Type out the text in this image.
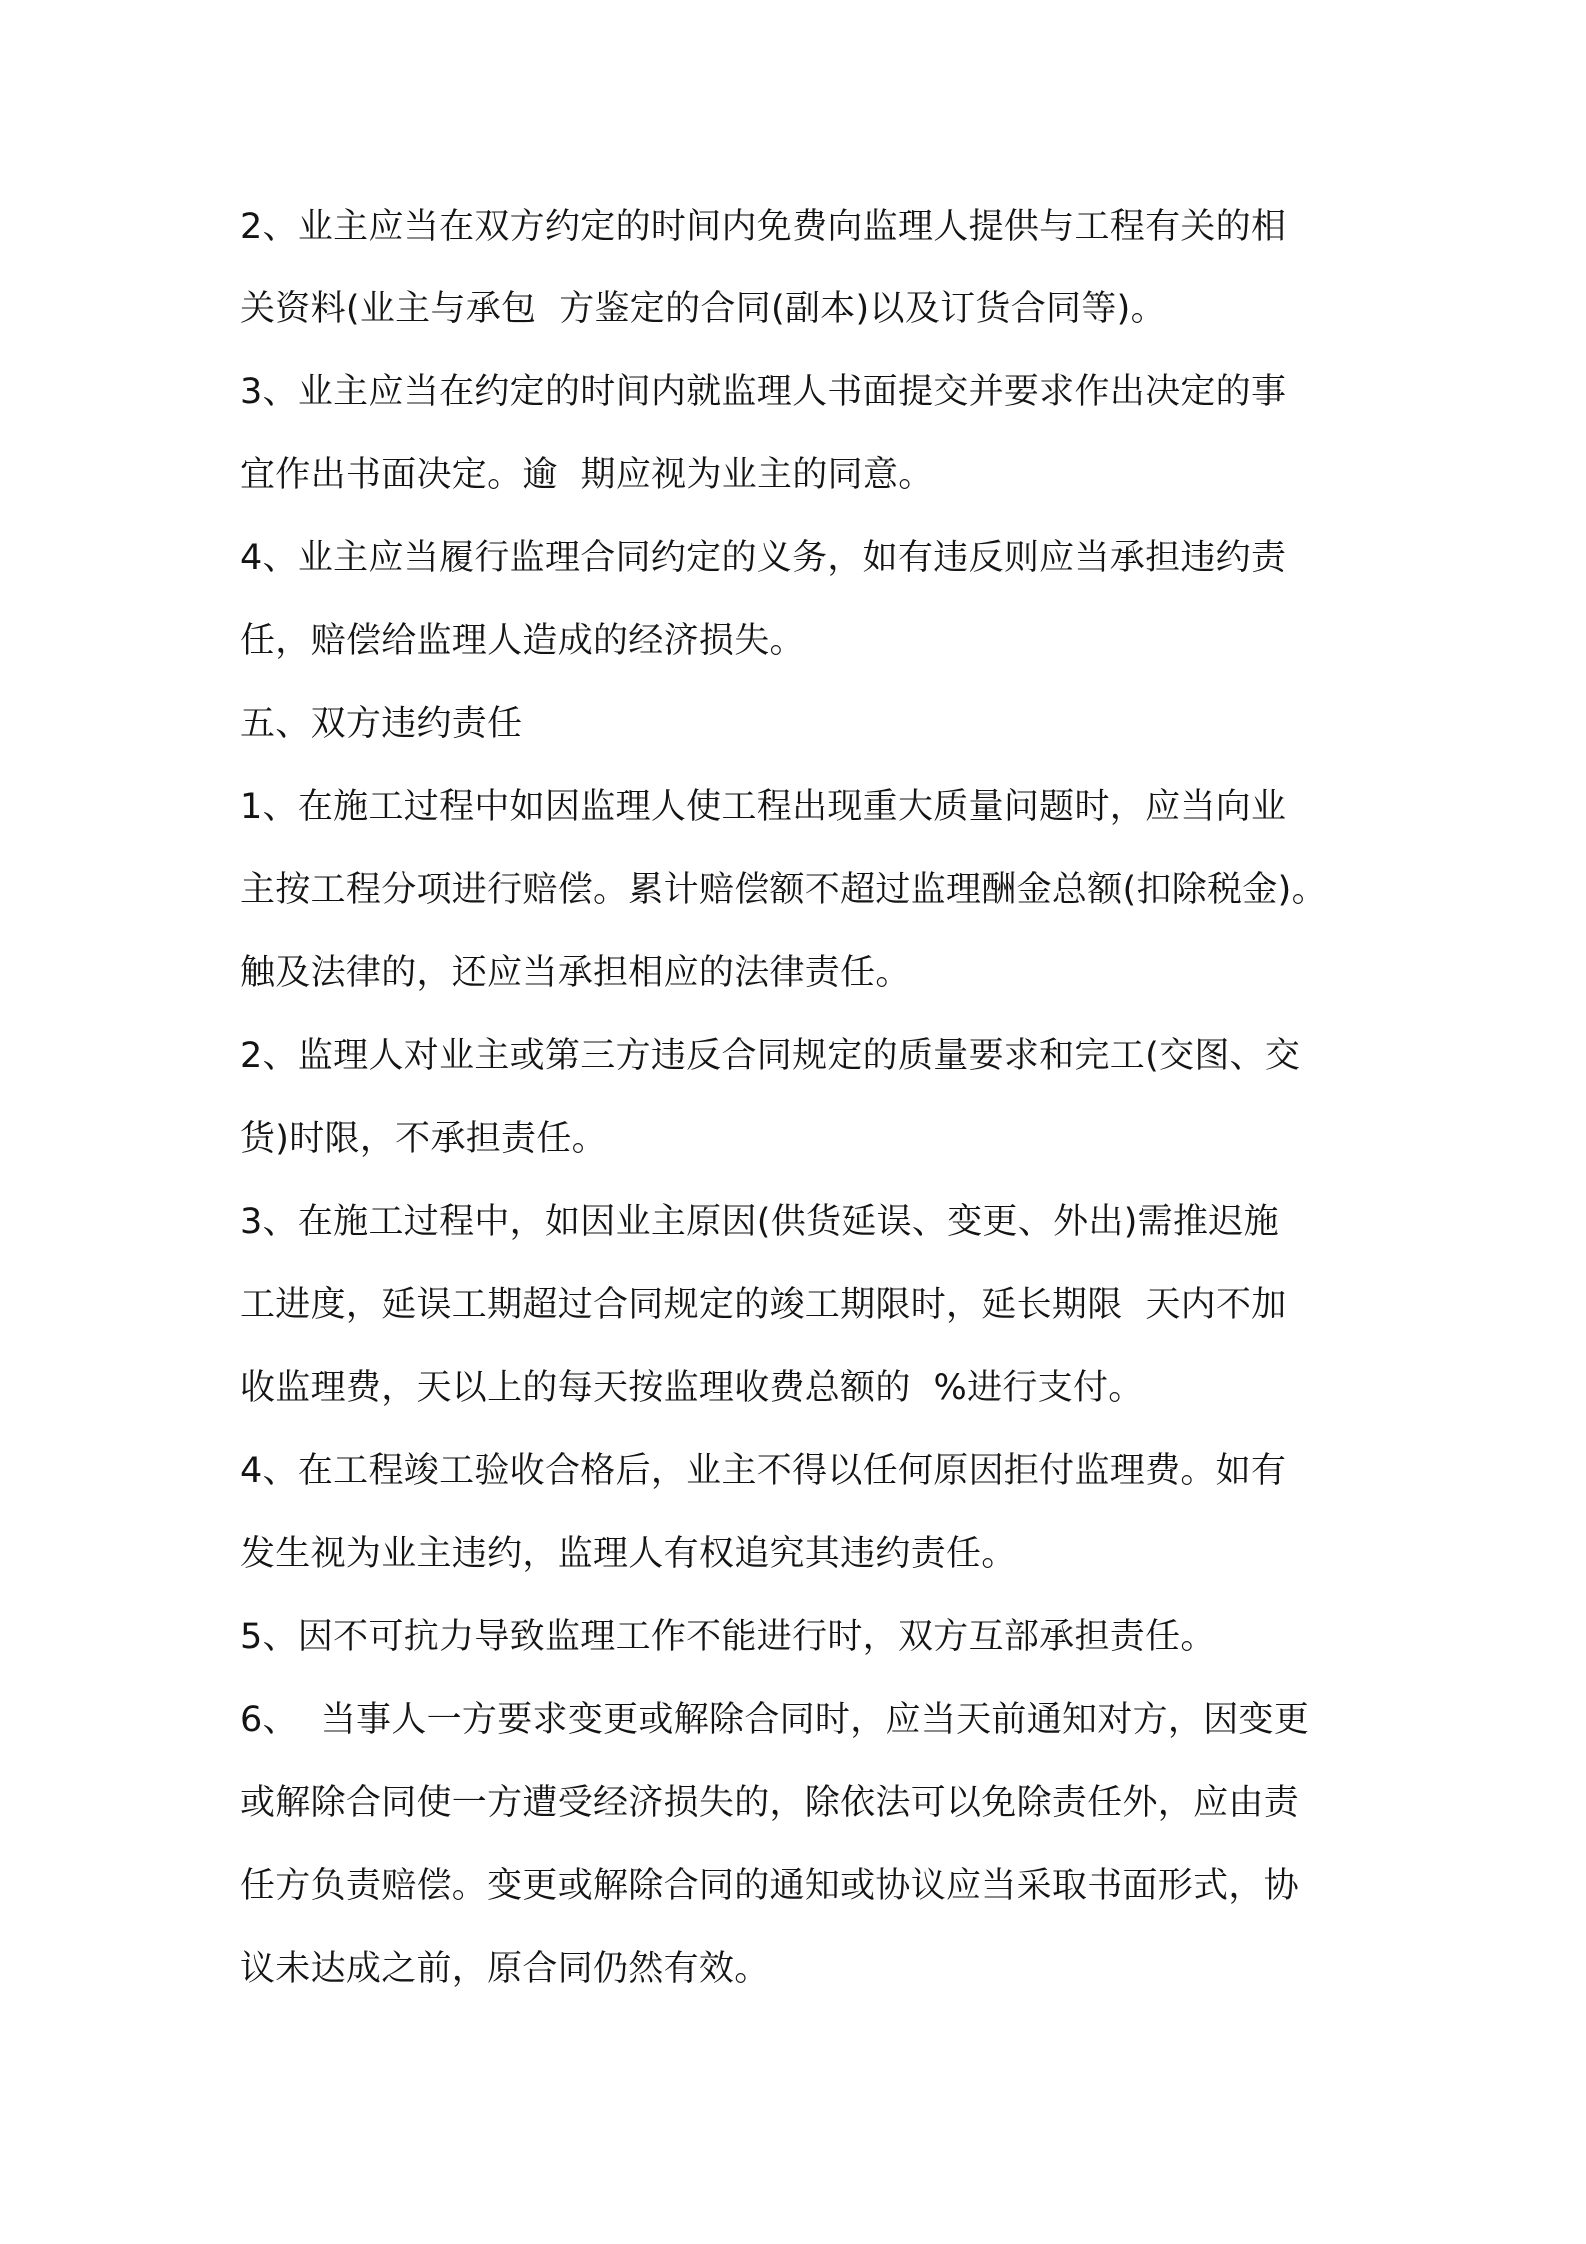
2、业主应当在双方约定的时间内免费向监理人提供与工程有关的相
关资料(业主与承包  方鉴定的合同(副本)以及订货合同等)。
3、业主应当在约定的时间内就监理人书面提交并要求作出决定的事
宜作出书面决定。逾  期应视为业主的同意。
4、业主应当履行监理合同约定的义务，如有违反则应当承担违约责
任，赔偿给监理人造成的经济损失。
五、双方违约责任
1、在施工过程中如因监理人使工程出现重大质量问题时，应当向业
主按工程分项进行赔偿。累计赔偿额不超过监理酬金总额(扣除税金)。
触及法律的，还应当承担相应的法律责任。
2、监理人对业主或第三方违反合同规定的质量要求和完工(交图、交
货)时限，不承担责任。
3、在施工过程中，如因业主原因(供货延误、变更、外出)需推迟施
工进度，延误工期超过合同规定的竣工期限时，延长期限  天内不加
收监理费，天以上的每天按监理收费总额的  %进行支付。
4、在工程竣工验收合格后，业主不得以任何原因拒付监理费。如有
发生视为业主违约，监理人有权追究其违约责任。
5、因不可抗力导致监理工作不能进行时，双方互部承担责任。
6、  当事人一方要求变更或解除合同时，应当天前通知对方，因变更
或解除合同使一方遭受经济损失的，除依法可以免除责任外，应由责
任方负责赔偿。变更或解除合同的通知或协议应当采取书面形式，协
议未达成之前，原合同仍然有效。
